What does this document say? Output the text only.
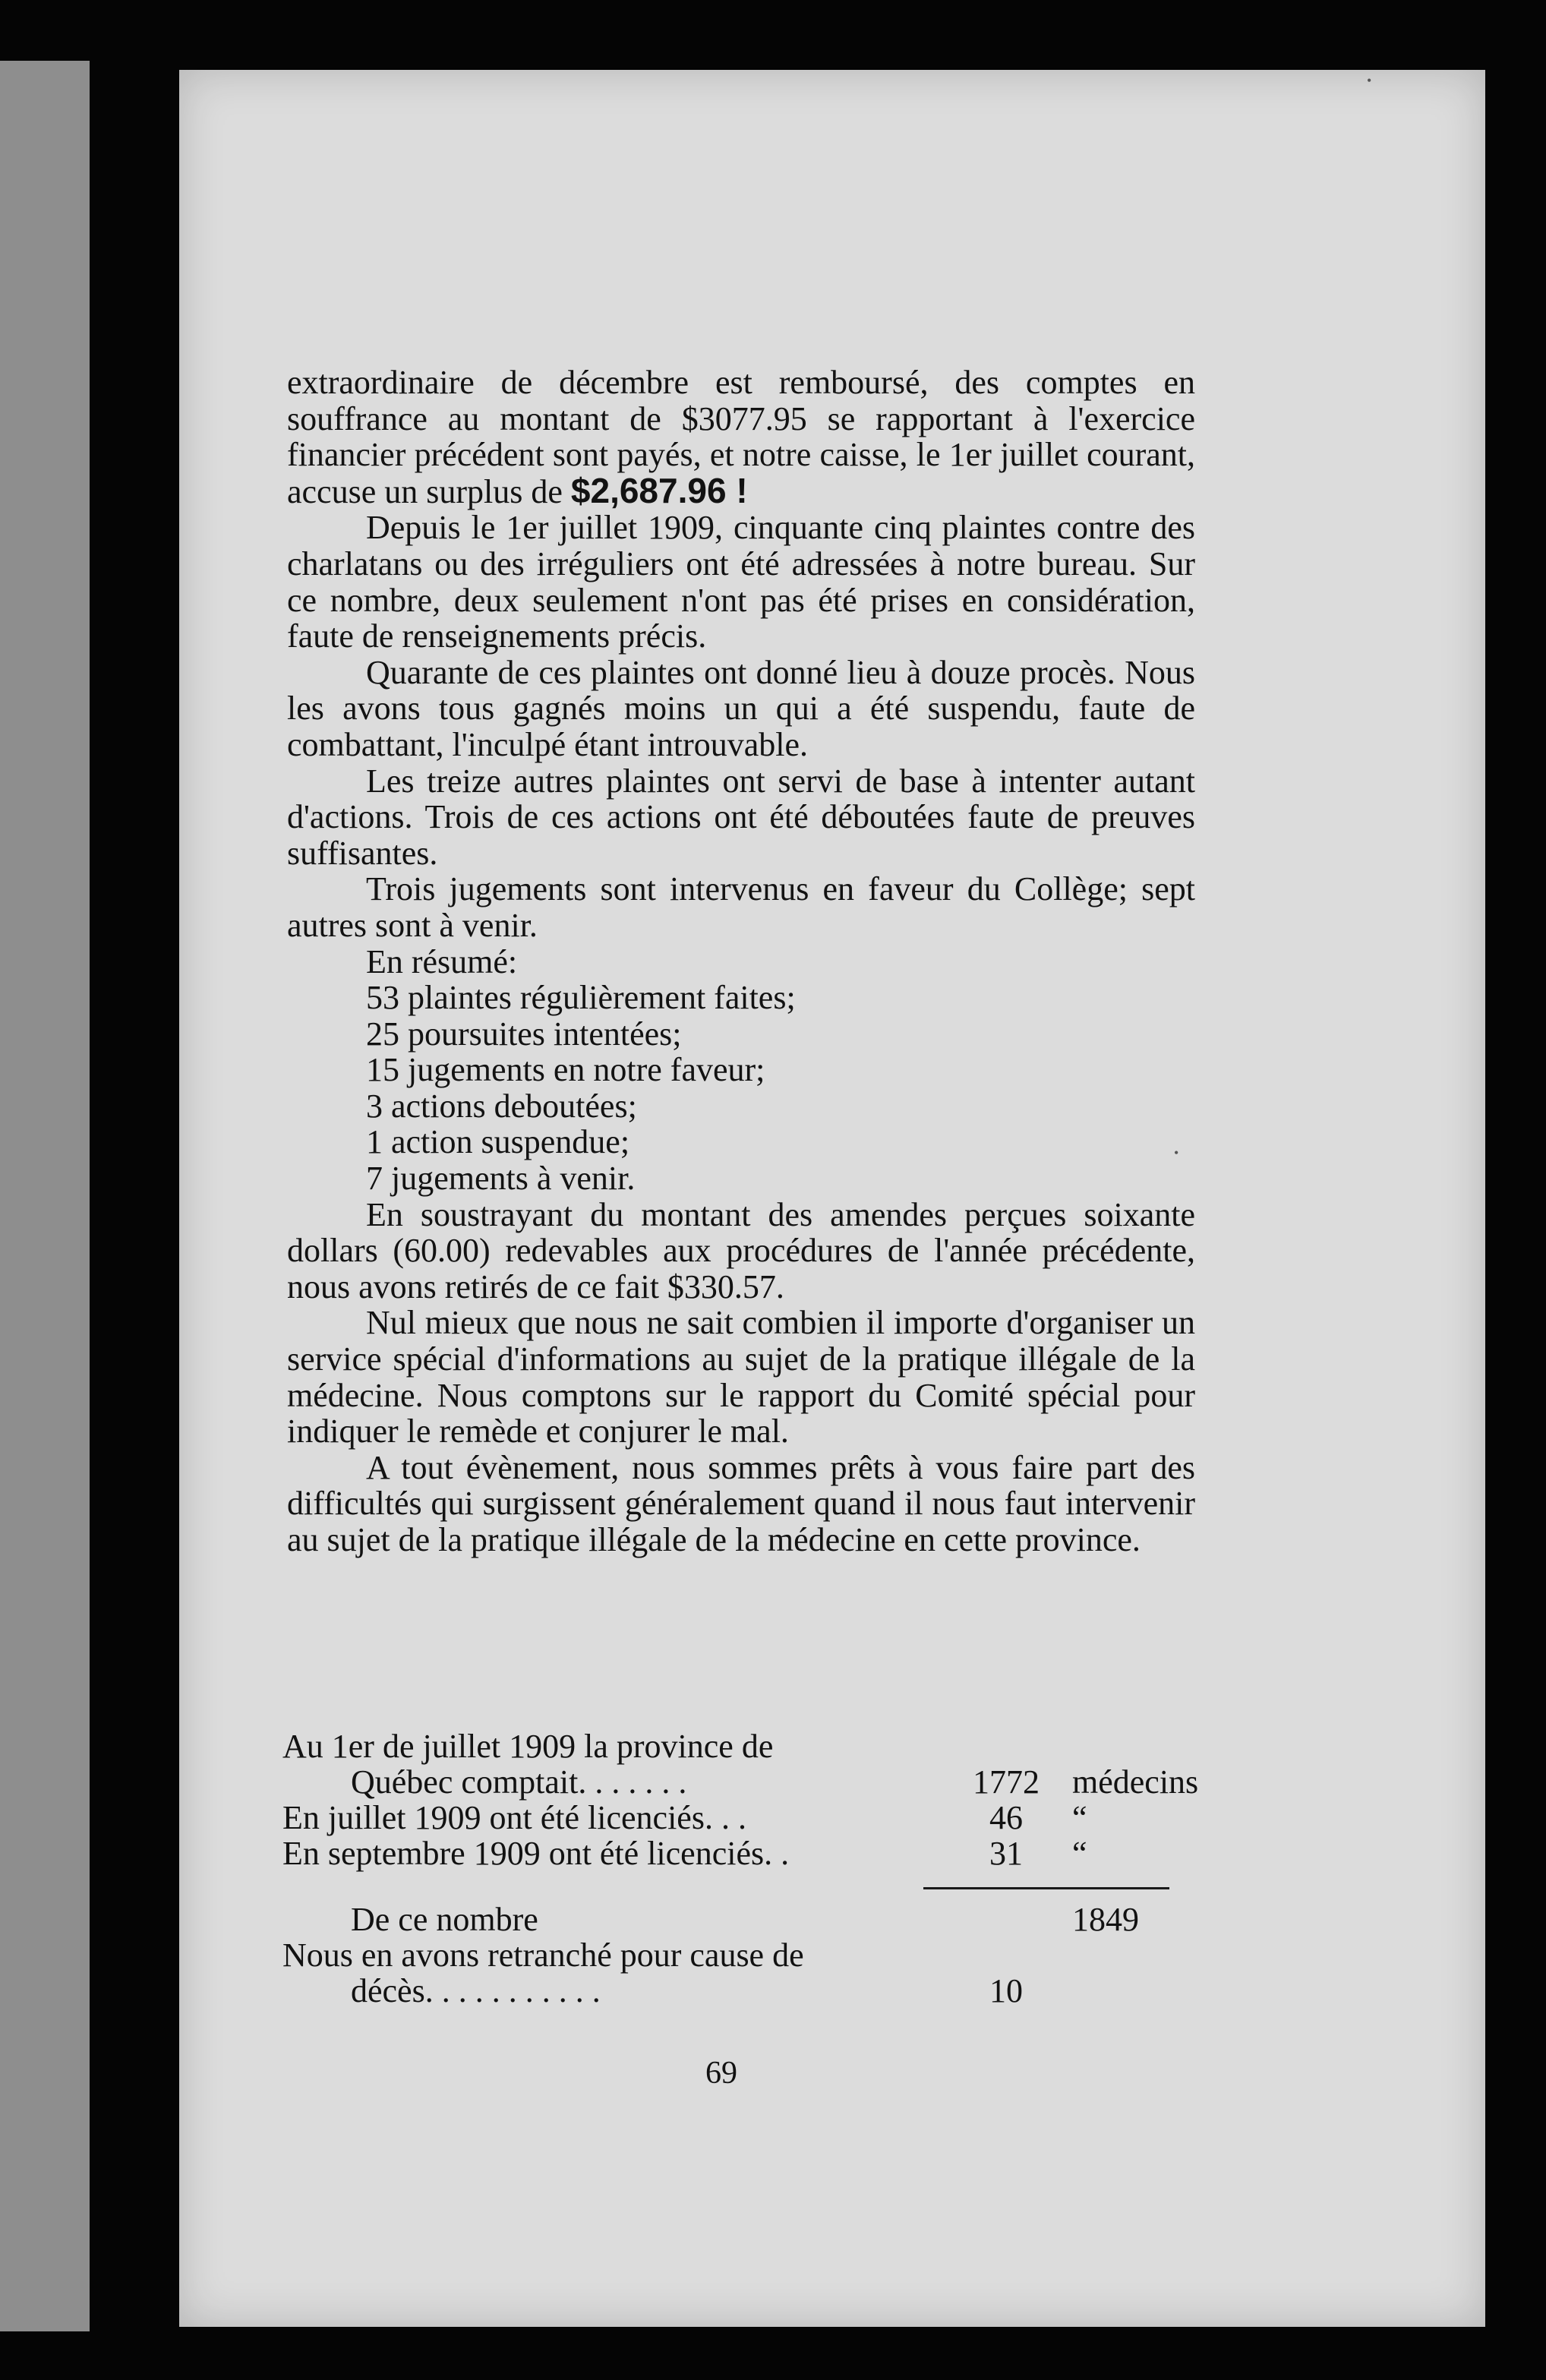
•
•

extraordinaire de décembre est remboursé, des comptes en souffrance au montant de $3077.95 se rapportant à l'exercice financier précédent sont payés, et notre caisse, le 1er juillet courant, accuse un surplus de $2,687.96 !

Depuis le 1er juillet 1909, cinquante cinq plaintes contre des charlatans ou des irréguliers ont été adressées à notre bureau. Sur ce nombre, deux seulement n'ont pas été prises en considération, faute de renseignements précis.

Quarante de ces plaintes ont donné lieu à douze procès. Nous les avons tous gagnés moins un qui a été suspendu, faute de combattant, l'inculpé étant introuvable.

Les treize autres plaintes ont servi de base à intenter autant d'actions. Trois de ces actions ont été déboutées faute de preuves suffisantes.

Trois jugements sont intervenus en faveur du Collège; sept autres sont à venir.

En résumé:

53 plaintes régulièrement faites;

25 poursuites intentées;

15 jugements en notre faveur;

3 actions deboutées;

1 action suspendue;

7 jugements à venir.

En soustrayant du montant des amendes perçues soixante dollars (60.00) redevables aux procédures de l'année précédente, nous avons retirés de ce fait $330.57.

Nul mieux que nous ne sait combien il importe d'organiser un service spécial d'informations au sujet de la pratique illégale de la médecine. Nous comptons sur le rapport du Comité spécial pour indiquer le remède et conjurer le mal.

A tout évènement, nous sommes prêts à vous faire part des difficultés qui surgissent généralement quand il nous faut intervenir au sujet de la pratique illégale de la médecine en cette province.

Au 1er de juillet 1909 la province de
Québec comptait. . . . . . .	1772 médecins
En juillet 1909 ont été licenciés. . .	46	“
En septembre 1909 ont été licenciés. .	31	“
De ce nombre	1849
Nous en avons retranché pour cause de
décès. . . . . . . . . . .	10
69
